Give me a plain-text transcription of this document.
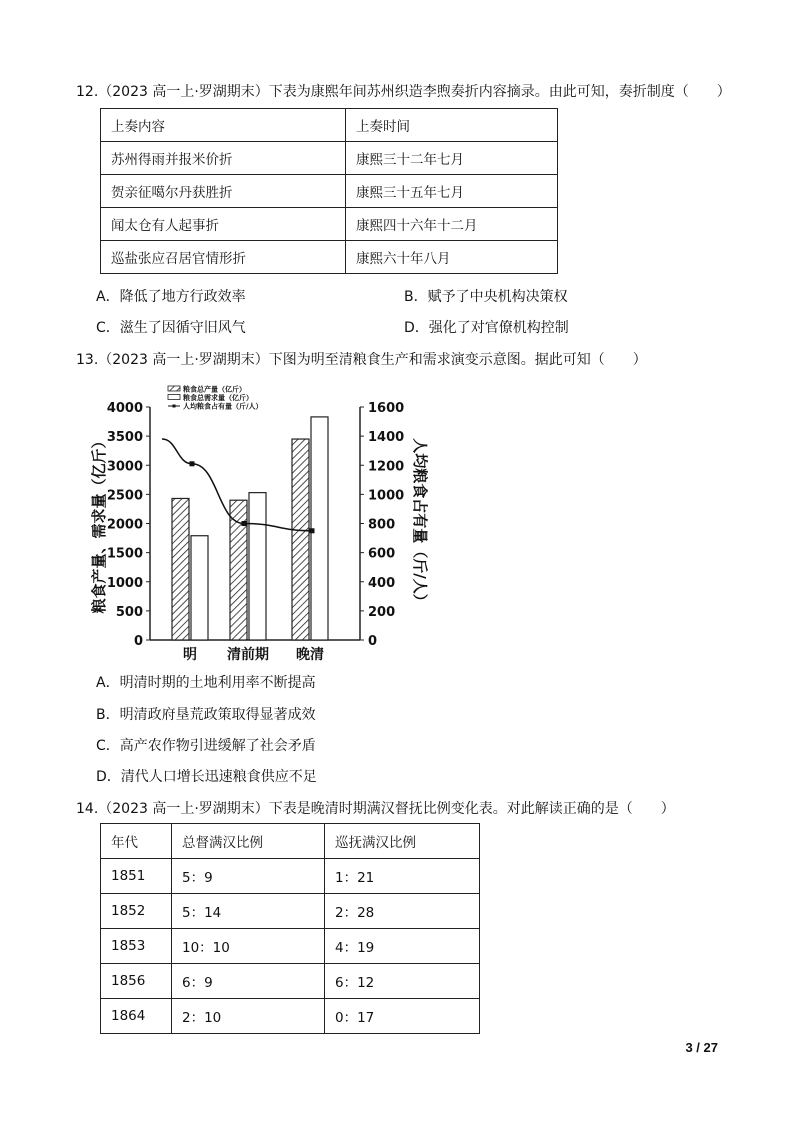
12.（2023 高一上·罗湖期末）下表为康熙年间苏州织造李煦奏折内容摘录。由此可知，奏折制度（　　）
上奏内容	上奏时间
苏州得雨并报米价折	康熙三十二年七月
贺亲征噶尔丹获胜折	康熙三十五年七月
闻太仓有人起事折	康熙四十六年十二月
巡盐张应召居官情形折	康熙六十年八月
A．降低了地方行政效率	B．赋予了中央机构决策权
C．滋生了因循守旧风气	D．强化了对官僚机构控制
13.（2023 高一上·罗湖期末）下图为明至清粮食生产和需求演变示意图。据此可知（　　）
0
500
1000
1500
2000
2500
3000
3500
4000
0
200
400
600
800
1000
1200
1400
1600
粮食产量、需求量（亿斤）	人均粮食占有量（斤/人）
明 清前期 晚清
粮食总产量（亿斤）
粮食总需求量（亿斤）
人均粮食占有量（斤/人）
A．明清时期的土地利用率不断提高
B．明清政府垦荒政策取得显著成效
C．高产农作物引进缓解了社会矛盾
D．清代人口增长迅速粮食供应不足
14.（2023 高一上·罗湖期末）下表是晚清时期满汉督抚比例变化表。对此解读正确的是（　　）
年代	总督满汉比例	巡抚满汉比例
1851	5：9	1：21
1852	5：14	2：28
1853	10：10	4：19
1856	6：9	6：12
1864	2：10	0：17
3 / 27
